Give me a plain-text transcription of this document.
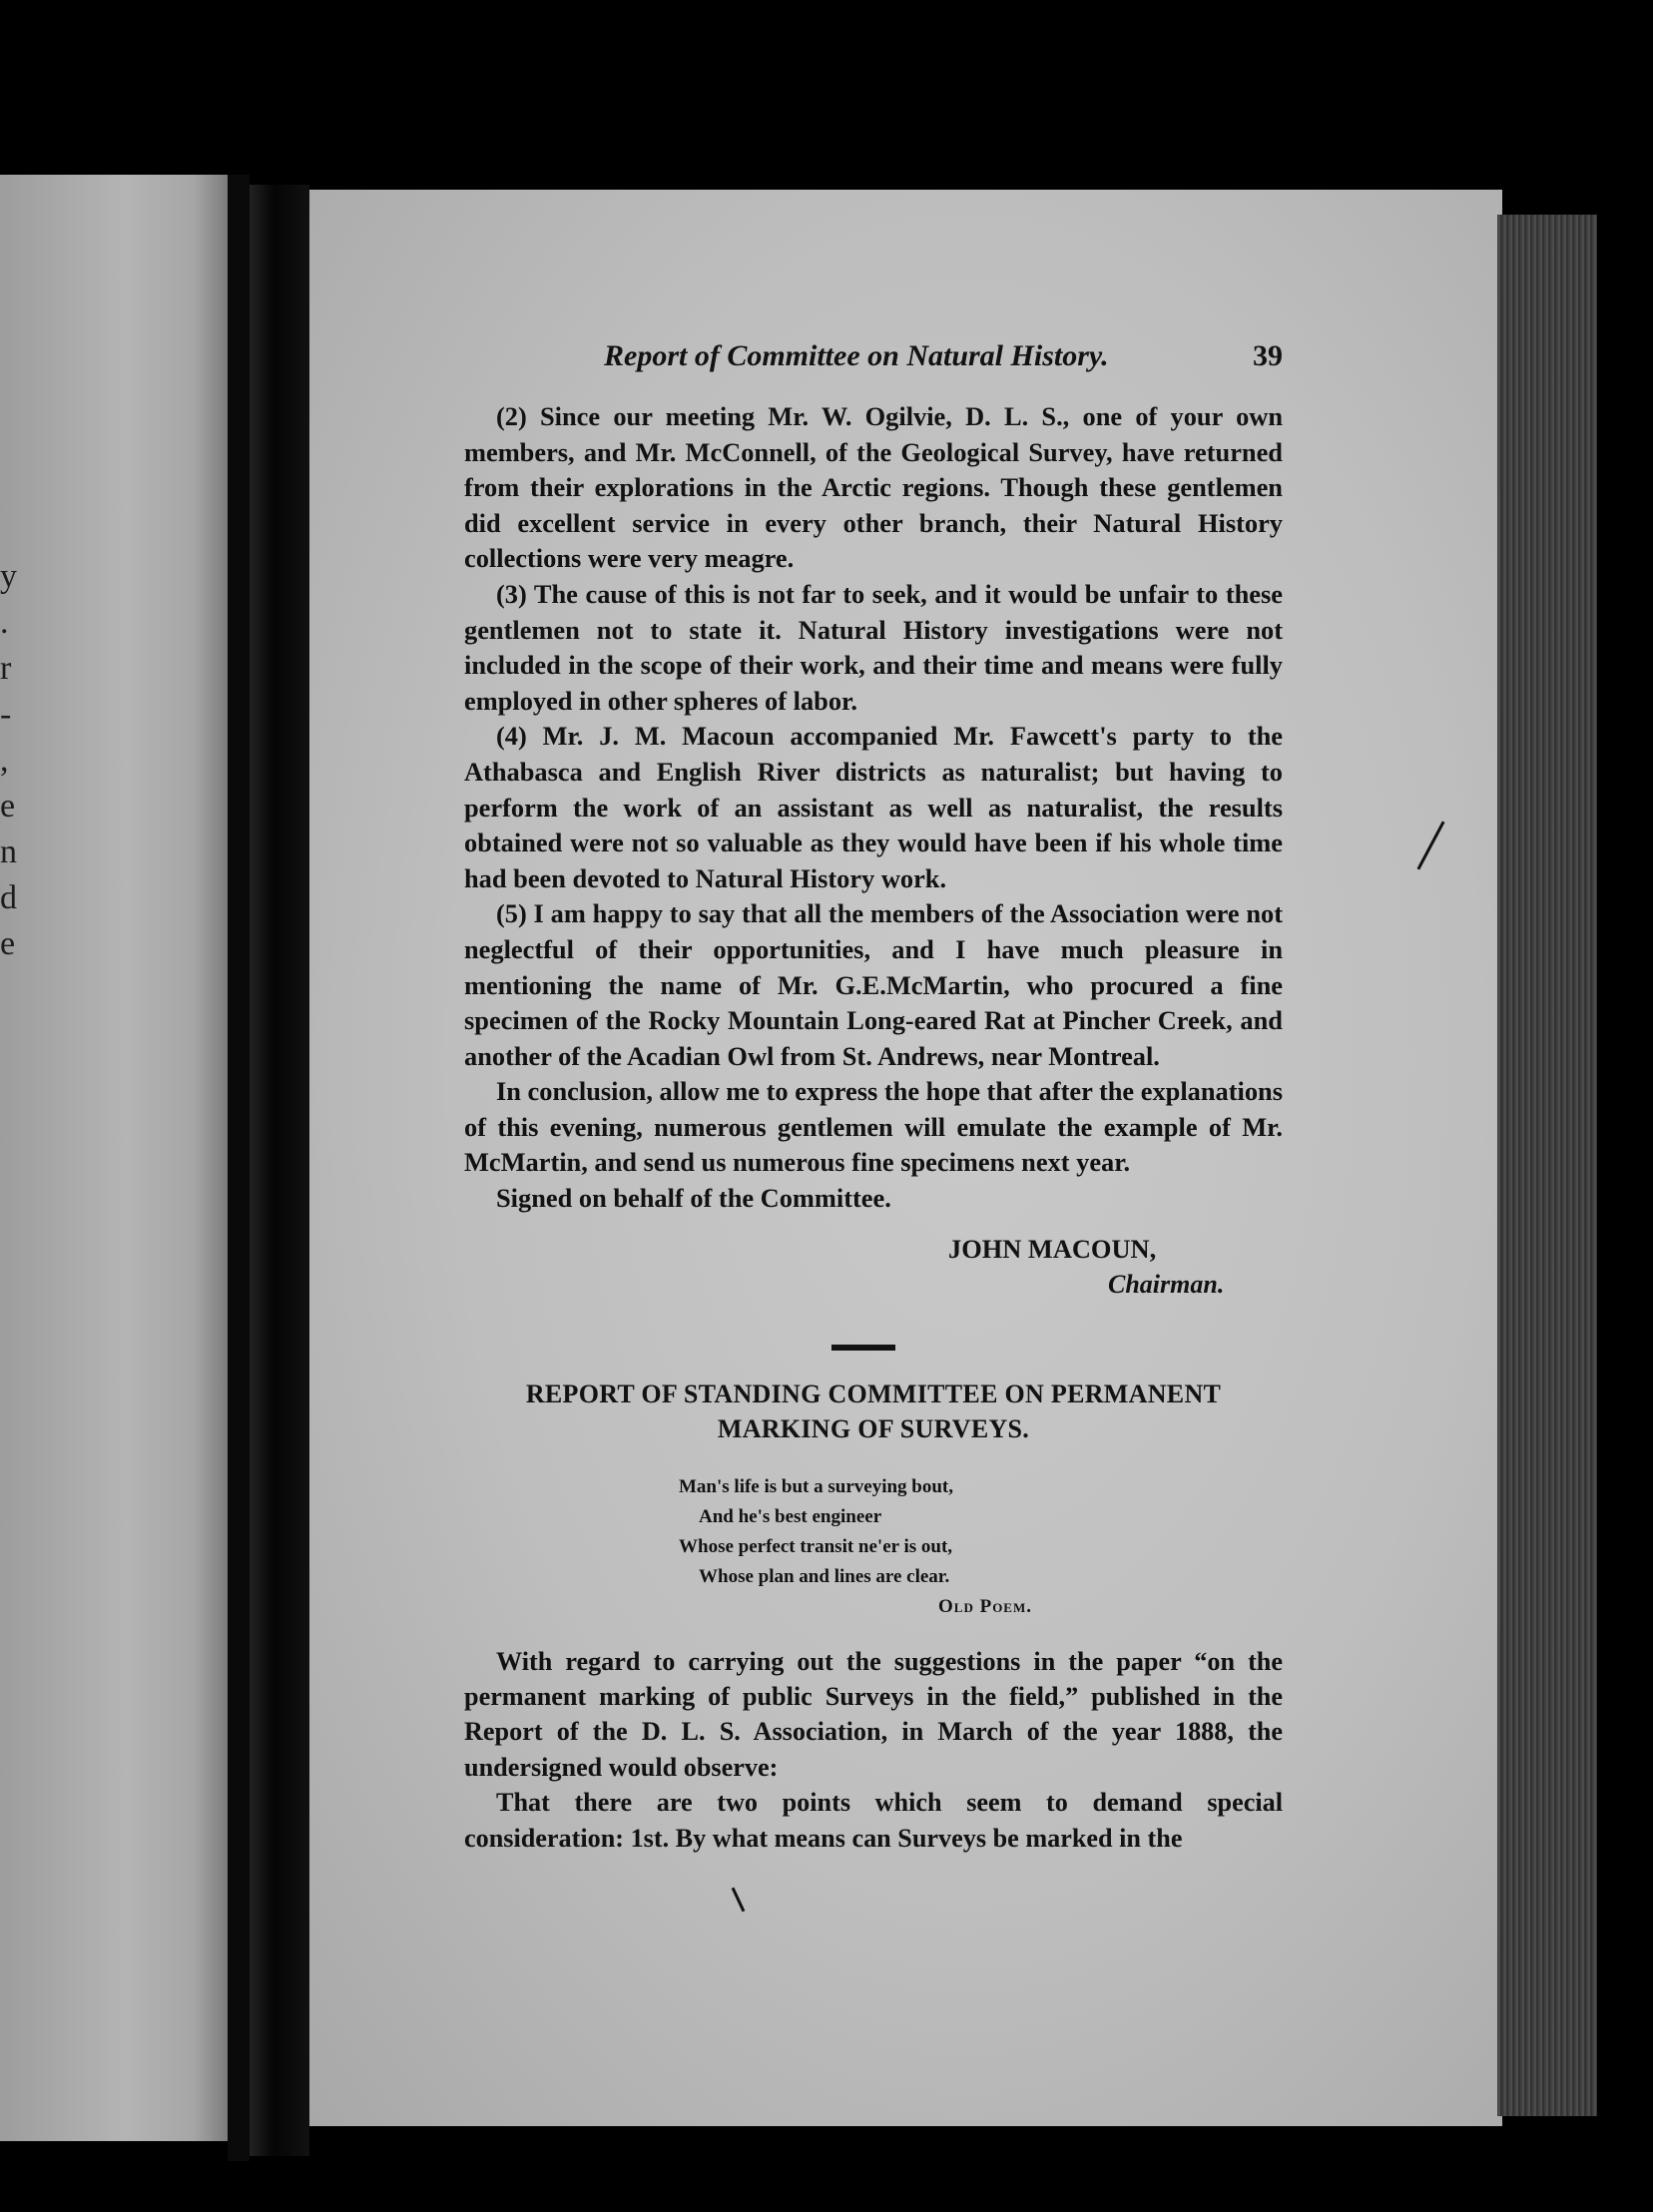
y
.
r
-
,
e
n
d
e
Report of Committee on Natural History.	39

(2) Since our meeting Mr. W. Ogilvie, D. L. S., one of your own members, and Mr. McConnell, of the Geological Survey, have returned from their explorations in the Arctic regions. Though these gentlemen did excellent service in every other branch, their Natural History collections were very meagre.

(3) The cause of this is not far to seek, and it would be unfair to these gentlemen not to state it. Natural History investigations were not included in the scope of their work, and their time and means were fully employed in other spheres of labor.

(4) Mr. J. M. Macoun accompanied Mr. Fawcett's party to the Athabasca and English River districts as naturalist; but having to perform the work of an assistant as well as naturalist, the results obtained were not so valuable as they would have been if his whole time had been devoted to Natural History work.

(5) I am happy to say that all the members of the Association were not neglectful of their opportunities, and I have much pleasure in mentioning the name of Mr. G.E.McMartin, who procured a fine specimen of the Rocky Mountain Long-eared Rat at Pincher Creek, and another of the Acadian Owl from St. Andrews, near Montreal.

In conclusion, allow me to express the hope that after the explanations of this evening, numerous gentlemen will emulate the example of Mr. McMartin, and send us numerous fine specimens next year.

Signed on behalf of the Committee.

JOHN MACOUN,
Chairman.
REPORT OF STANDING COMMITTEE ON PERMANENT MARKING OF SURVEYS.
Man's life is but a surveying bout,
And he's best engineer
Whose perfect transit ne'er is out,
Whose plan and lines are clear.
Old Poem.

With regard to carrying out the suggestions in the paper “on the permanent marking of public Surveys in the field,” published in the Report of the D. L. S. Association, in March of the year 1888, the undersigned would observe:

That there are two points which seem to demand special consideration: 1st. By what means can Surveys be marked in the
